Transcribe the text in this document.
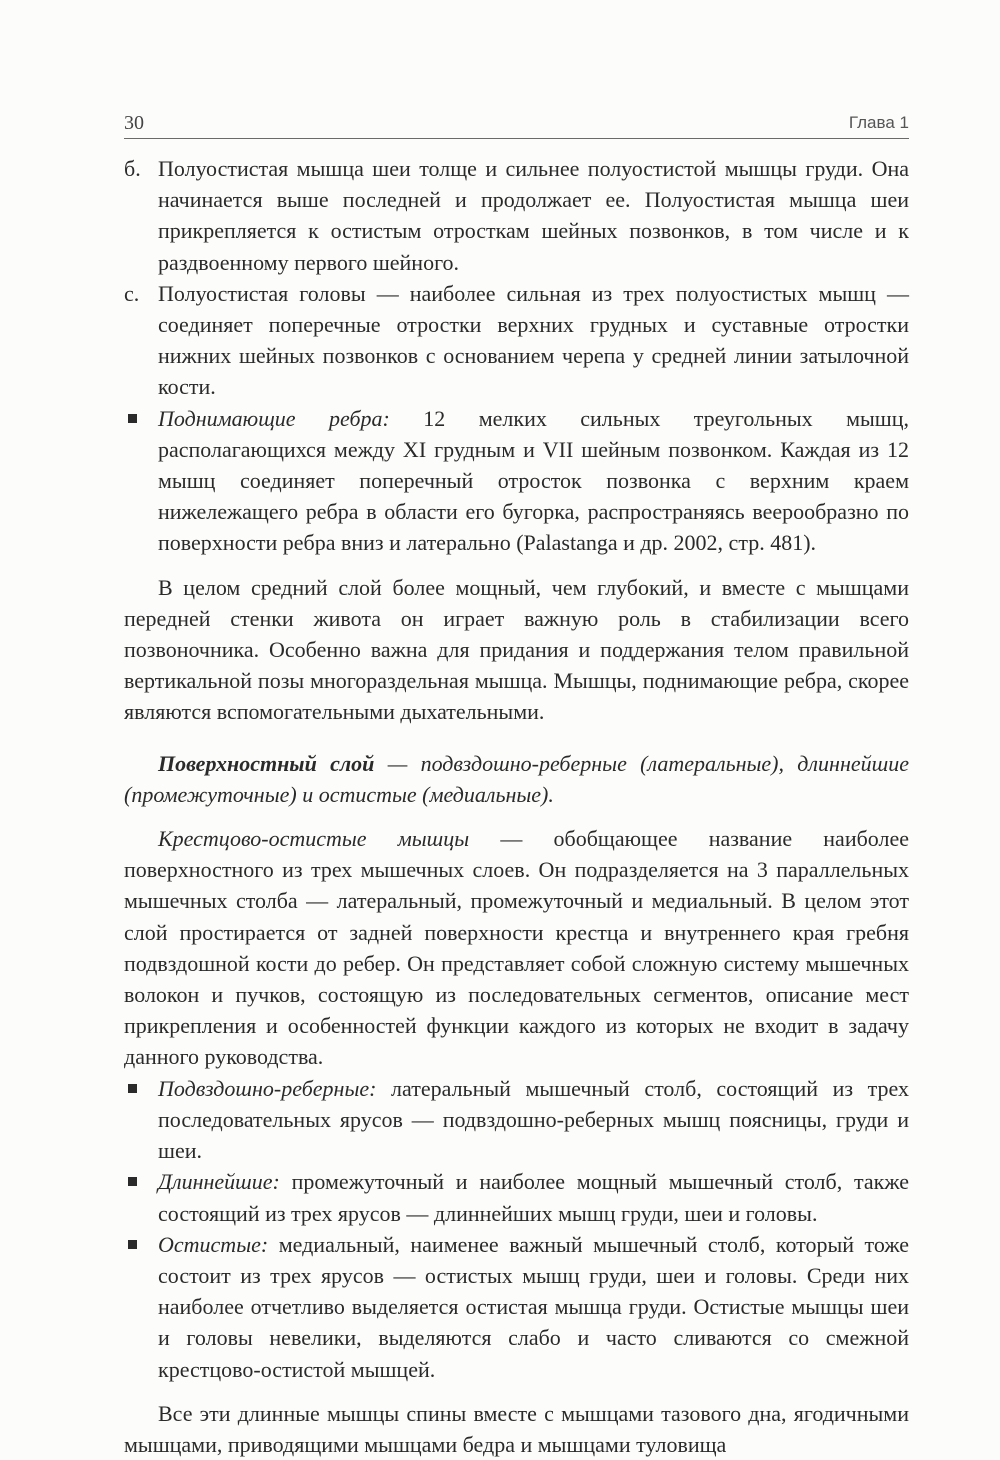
30	Глава 1
б. Полуостистая мышца шеи толще и сильнее полуостистой мышцы груди. Она начинается выше последней и продолжает ее. Полуостистая мышца шеи прикрепляется к остистым отросткам шейных позвонков, в том числе и к раздвоенному первого шейного.
с. Полуостистая головы — наиболее сильная из трех полуостистых мышц — соединяет поперечные отростки верхних грудных и суставные отростки нижних шейных позвонков с основанием черепа у средней линии затылочной кости.

Поднимающие ребра: 12 мелких сильных треугольных мышц, располагающихся между XI грудным и VII шейным позвонком. Каждая из 12 мышц соединяет поперечный отросток позвонка с верхним краем нижележащего ребра в области его бугорка, распространяясь веерообразно по поверхности ребра вниз и латерально (Palastanga и др. 2002, стр. 481).

В целом средний слой более мощный, чем глубокий, и вместе с мышцами передней стенки живота он играет важную роль в стабилизации всего позвоночника. Особенно важна для придания и поддержания телом правильной вертикальной позы многораздельная мышца. Мышцы, поднимающие ребра, скорее являются вспомогательными дыхательными.

Поверхностный слой — подвздошно-реберные (латеральные), длиннейшие (промежуточные) и остистые (медиальные).

Крестцово-остистые мышцы — обобщающее название наиболее поверхностного из трех мышечных слоев. Он подразделяется на 3 параллельных мышечных столба — латеральный, промежуточный и медиальный. В целом этот слой простирается от задней поверхности крестца и внутреннего края гребня подвздошной кости до ребер. Он представляет собой сложную систему мышечных волокон и пучков, состоящую из последовательных сегментов, описание мест прикрепления и особенностей функции каждого из которых не входит в задачу данного руководства.

Подвздошно-реберные: латеральный мышечный столб, состоящий из трех последовательных ярусов — подвздошно-реберных мышц поясницы, груди и шеи.

Длиннейшие: промежуточный и наиболее мощный мышечный столб, также состоящий из трех ярусов — длиннейших мышц груди, шеи и головы.

Остистые: медиальный, наименее важный мышечный столб, который тоже состоит из трех ярусов — остистых мышц груди, шеи и головы. Среди них наиболее отчетливо выделяется остистая мышца груди. Остистые мышцы шеи и головы невелики, выделяются слабо и часто сливаются со смежной крестцово-остистой мышцей.

Все эти длинные мышцы спины вместе с мышцами тазового дна, ягодичными мышцами, приводящими мышцами бедра и мышцами туловища
